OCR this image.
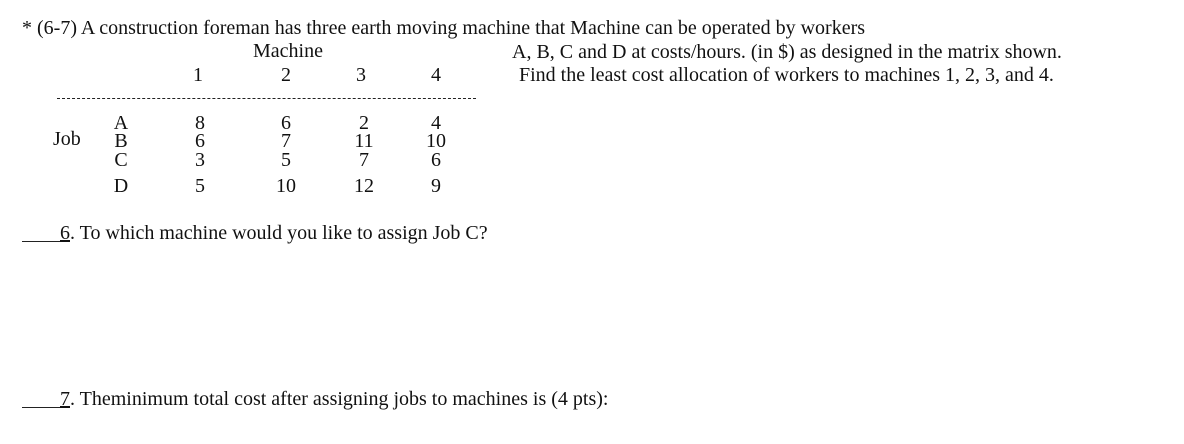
* (6-7) A construction foreman has three earth moving machine that Machine can be operated by workers
A, B, C and D at costs/hours. (in $) as designed in the matrix shown.
Find the least cost allocation of workers to machines 1, 2, 3, and 4.
Machine
1	2	3	4
Job
A	8	6	2	4
B	6	7	11	10
C	3	5	7	6
D	5	10	12	9
6. To which machine would you like to assign Job C?
7. Theminimum total cost after assigning jobs to machines is (4 pts):
